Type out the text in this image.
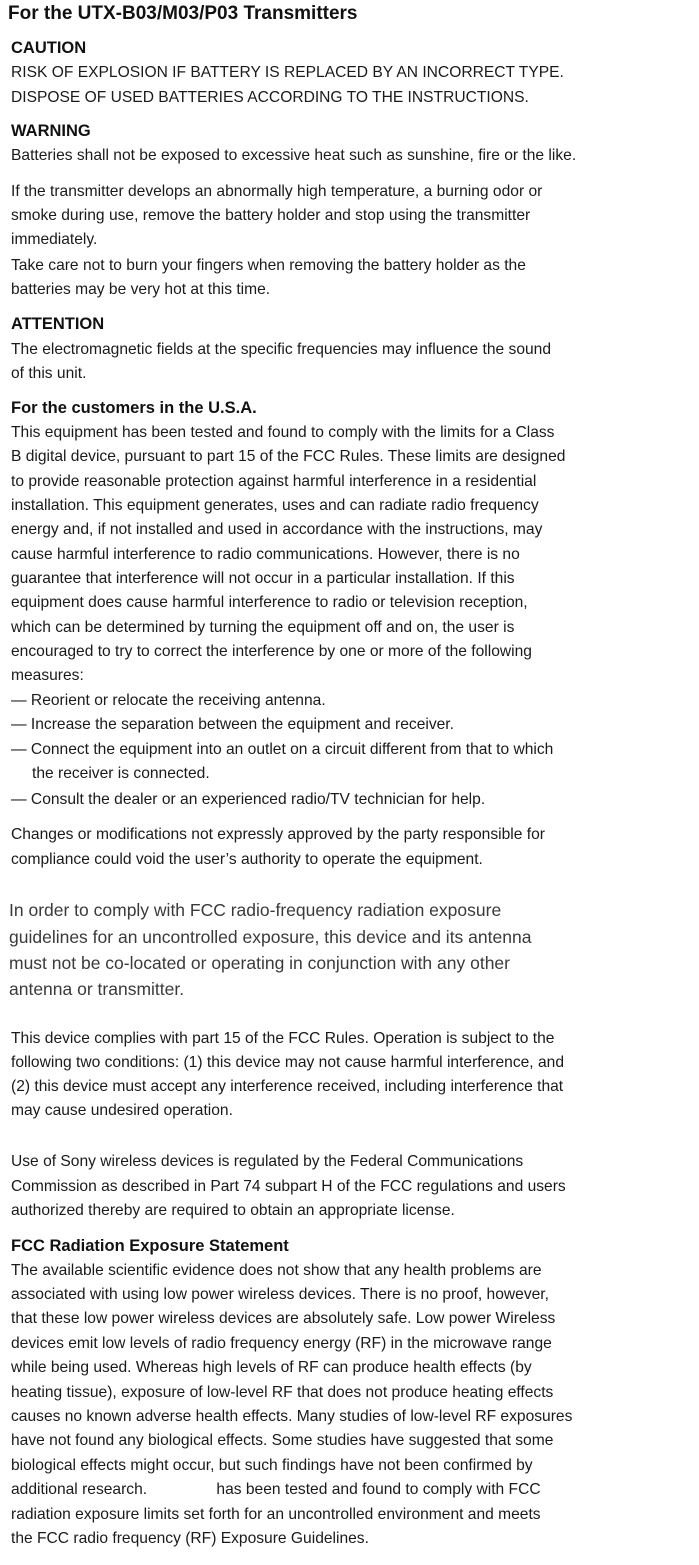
For the UTX-B03/M03/P03 Transmitters
CAUTION
RISK OF EXPLOSION IF BATTERY IS REPLACED BY AN INCORRECT TYPE.
DISPOSE OF USED BATTERIES ACCORDING TO THE INSTRUCTIONS.
WARNING
Batteries shall not be exposed to excessive heat such as sunshine, fire or the like.
If the transmitter develops an abnormally high temperature, a burning odor or
smoke during use, remove the battery holder and stop using the transmitter
immediately.
Take care not to burn your fingers when removing the battery holder as the
batteries may be very hot at this time.
ATTENTION
The electromagnetic fields at the specific frequencies may influence the sound
of this unit.
For the customers in the U.S.A.
This equipment has been tested and found to comply with the limits for a Class
B digital device, pursuant to part 15 of the FCC Rules. These limits are designed
to provide reasonable protection against harmful interference in a residential
installation. This equipment generates, uses and can radiate radio frequency
energy and, if not installed and used in accordance with the instructions, may
cause harmful interference to radio communications. However, there is no
guarantee that interference will not occur in a particular installation. If this
equipment does cause harmful interference to radio or television reception,
which can be determined by turning the equipment off and on, the user is
encouraged to try to correct the interference by one or more of the following
measures:
— Reorient or relocate the receiving antenna.
— Increase the separation between the equipment and receiver.
— Connect the equipment into an outlet on a circuit different from that to which
the receiver is connected.
— Consult the dealer or an experienced radio/TV technician for help.
Changes or modifications not expressly approved by the party responsible for
compliance could void the user’s authority to operate the equipment.
In order to comply with FCC radio-frequency radiation exposure
guidelines for an uncontrolled exposure, this device and its antenna
must not be co-located or operating in conjunction with any other
antenna or transmitter.
This device complies with part 15 of the FCC Rules. Operation is subject to the
following two conditions: (1) this device may not cause harmful interference, and
(2) this device must accept any interference received, including interference that
may cause undesired operation.
Use of Sony wireless devices is regulated by the Federal Communications
Commission as described in Part 74 subpart H of the FCC regulations and users
authorized thereby are required to obtain an appropriate license.
FCC Radiation Exposure Statement
The available scientific evidence does not show that any health problems are
associated with using low power wireless devices. There is no proof, however,
that these low power wireless devices are absolutely safe. Low power Wireless
devices emit low levels of radio frequency energy (RF) in the microwave range
while being used. Whereas high levels of RF can produce health effects (by
heating tissue), exposure of low-level RF that does not produce heating effects
causes no known adverse health effects. Many studies of low-level RF exposures
have not found any biological effects. Some studies have suggested that some
biological effects might occur, but such findings have not been confirmed by
additional research.                has been tested and found to comply with FCC
radiation exposure limits set forth for an uncontrolled environment and meets
the FCC radio frequency (RF) Exposure Guidelines.
